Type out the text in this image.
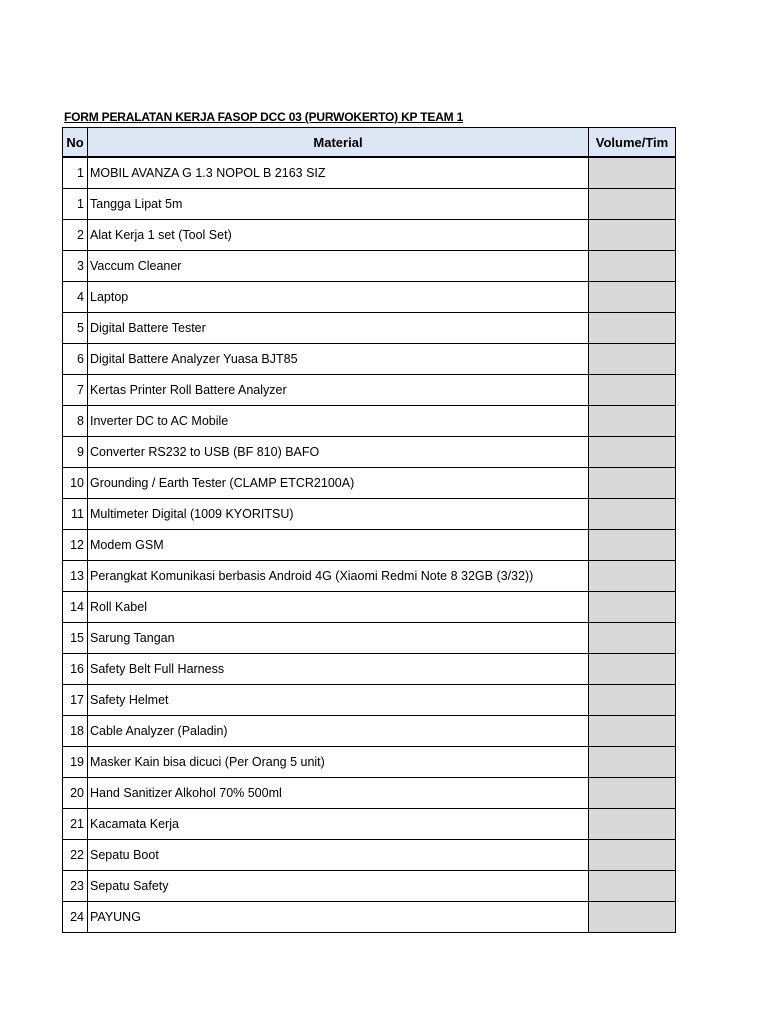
FORM PERALATAN KERJA FASOP DCC 03 (PURWOKERTO) KP TEAM 1
No	Material	Volume/Tim
1	MOBIL AVANZA G 1.3 NOPOL B 2163 SIZ	
1	Tangga Lipat 5m	
2	Alat Kerja 1 set (Tool Set)	
3	Vaccum Cleaner	
4	Laptop	
5	Digital Battere Tester	
6	Digital Battere Analyzer Yuasa BJT85	
7	Kertas Printer Roll Battere Analyzer	
8	Inverter DC to AC Mobile	
9	Converter RS232 to USB (BF 810) BAFO	
10	Grounding / Earth Tester (CLAMP ETCR2100A)	
11	Multimeter Digital (1009 KYORITSU)	
12	Modem GSM	
13	Perangkat Komunikasi berbasis Android 4G (Xiaomi Redmi Note 8 32GB (3/32))	
14	Roll Kabel	
15	Sarung Tangan	
16	Safety Belt Full Harness	
17	Safety Helmet	
18	Cable Analyzer (Paladin)	
19	Masker Kain bisa dicuci (Per Orang 5 unit)	
20	Hand Sanitizer Alkohol 70% 500ml	
21	Kacamata Kerja	
22	Sepatu Boot	
23	Sepatu Safety	
24	PAYUNG	
